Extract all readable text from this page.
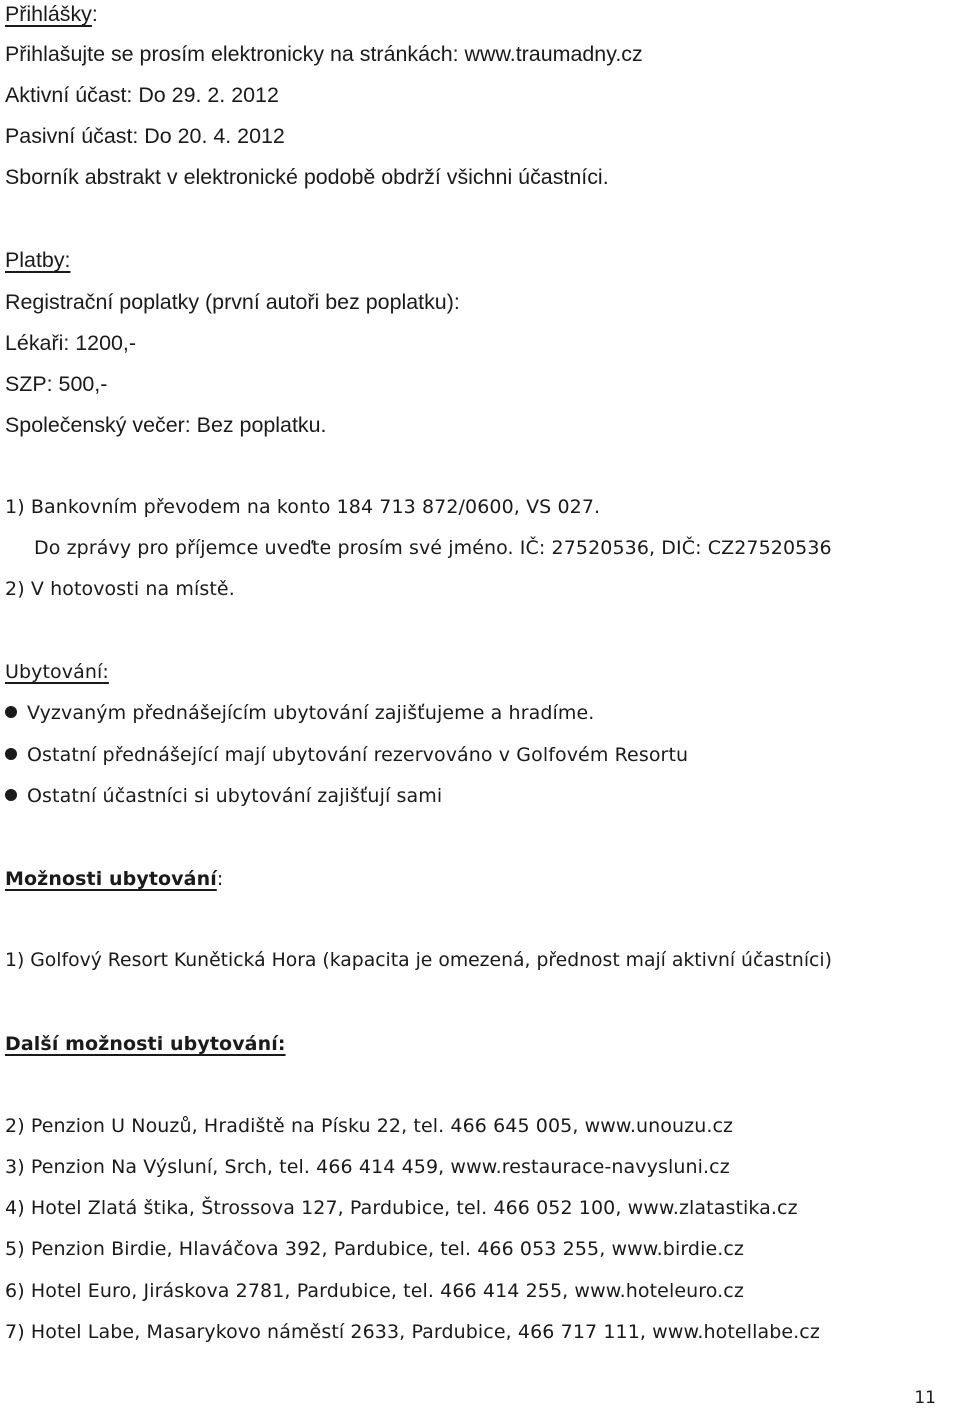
Přihlášky:
Přihlašujte se prosím elektronicky na stránkách: www.traumadny.cz
Aktivní účast: Do 29. 2. 2012
Pasivní účast: Do 20. 4. 2012
Sborník abstrakt v elektronické podobě obdrží všichni účastníci.
Platby:
Registrační poplatky (první autoři bez poplatku):
Lékaři: 1200,-
SZP: 500,-
Společenský večer: Bez poplatku.
1) Bankovním převodem na konto 184 713 872/0600, VS 027.
Do zprávy pro příjemce uveďte prosím své jméno. IČ: 27520536, DIČ: CZ27520536
2) V hotovosti na místě.
Ubytování:
Vyzvaným přednášejícím ubytování zajišťujeme a hradíme.
Ostatní přednášející mají ubytování rezervováno v Golfovém Resortu
Ostatní účastníci si ubytování zajišťují sami
Možnosti ubytování:
1) Golfový Resort Kunětická Hora (kapacita je omezená, přednost mají aktivní účastníci)
Další možnosti ubytování:
2) Penzion U Nouzů, Hradiště na Písku 22, tel. 466 645 005, www.unouzu.cz
3) Penzion Na Výsluní, Srch, tel. 466 414 459, www.restaurace-navysluni.cz
4) Hotel Zlatá štika, Štrossova 127, Pardubice, tel. 466 052 100, www.zlatastika.cz
5) Penzion Birdie, Hlaváčova 392, Pardubice, tel. 466 053 255, www.birdie.cz
6) Hotel Euro, Jiráskova 2781, Pardubice, tel. 466 414 255, www.hoteleuro.cz
7) Hotel Labe, Masarykovo náměstí 2633, Pardubice, 466 717 111, www.hotellabe.cz
11
